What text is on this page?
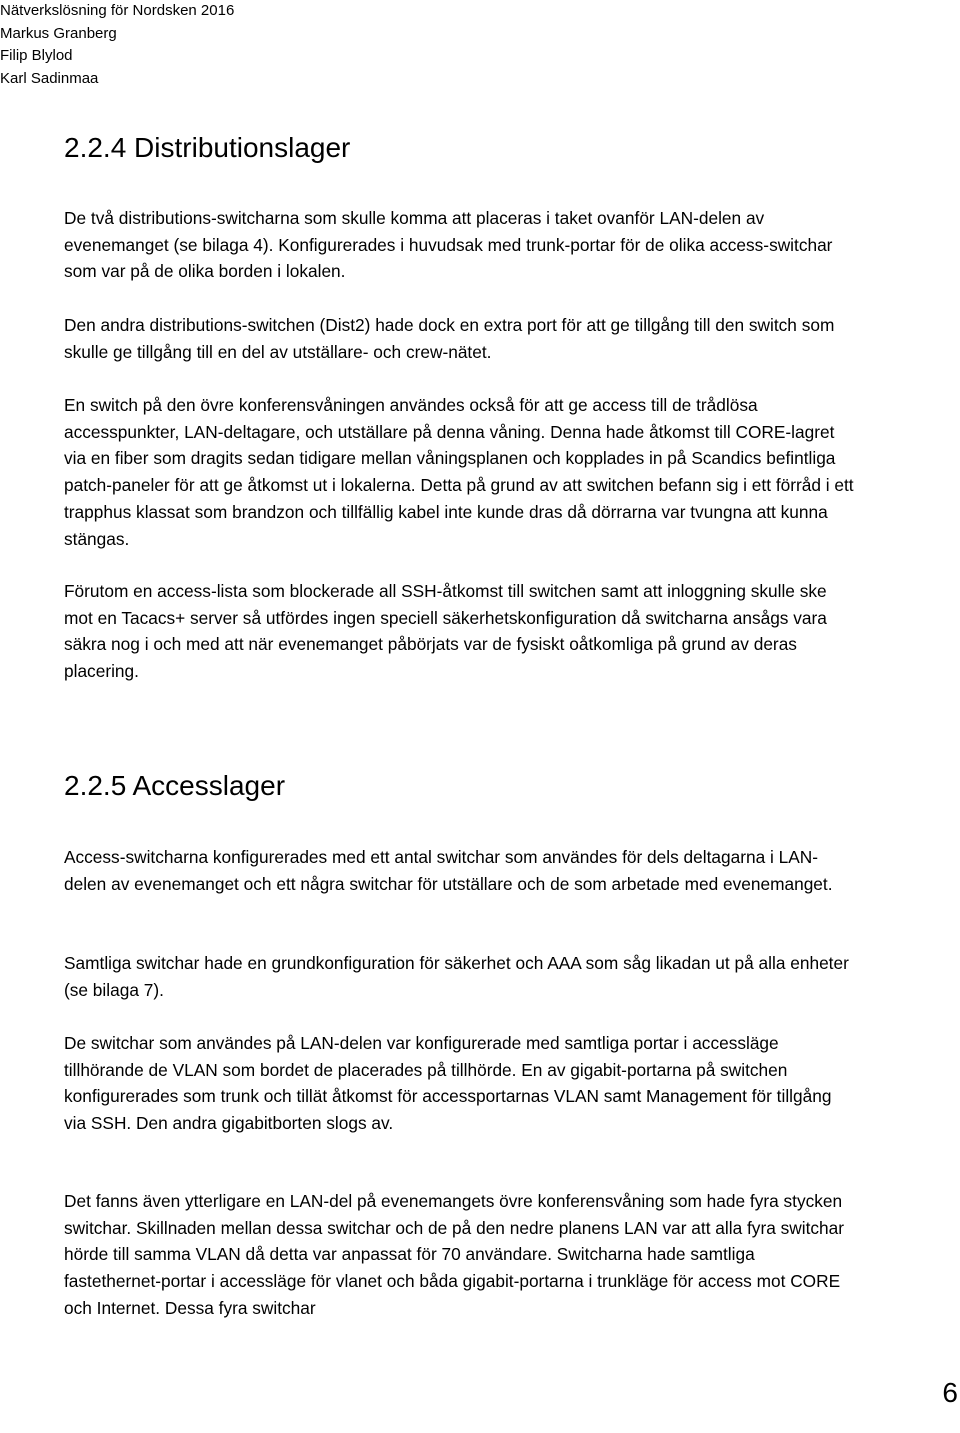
Nätverkslösning för Nordsken 2016
Markus Granberg
Filip Blylod
Karl Sadinmaa
2.2.4 Distributionslager

De två distributions-switcharna som skulle komma att placeras i taket ovanför LAN-delen av evenemanget (se bilaga 4). Konfigurerades i huvudsak med trunk-portar för de olika access-switchar som var på de olika borden i lokalen.

Den andra distributions-switchen (Dist2) hade dock en extra port för att ge tillgång till den switch som skulle ge tillgång till en del av utställare- och crew-nätet.

En switch på den övre konferensvåningen användes också för att ge access till de trådlösa accesspunkter, LAN-deltagare, och utställare på denna våning. Denna hade åtkomst till CORE-lagret via en fiber som dragits sedan tidigare mellan våningsplanen och kopplades in på Scandics befintliga patch-paneler för att ge åtkomst ut i lokalerna. Detta på grund av att switchen befann sig i ett förråd i ett trapphus klassat som brandzon och tillfällig kabel inte kunde dras då dörrarna var tvungna att kunna stängas.

Förutom en access-lista som blockerade all SSH-åtkomst till switchen samt att inloggning skulle ske mot en Tacacs+ server så utfördes ingen speciell säkerhetskonfiguration då switcharna ansågs vara säkra nog i och med att när evenemanget påbörjats var de fysiskt oåtkomliga på grund av deras placering.

2.2.5 Accesslager

Access-switcharna konfigurerades med ett antal switchar som användes för dels deltagarna i LAN-delen av evenemanget och ett några switchar för utställare och de som arbetade med evenemanget.

Samtliga switchar hade en grundkonfiguration för säkerhet och AAA som såg likadan ut på alla enheter (se bilaga 7).

De switchar som användes på LAN-delen var konfigurerade med samtliga portar i accessläge tillhörande de VLAN som bordet de placerades på tillhörde. En av gigabit-portarna på switchen konfigurerades som trunk och tillät åtkomst för accessportarnas VLAN samt Management för tillgång via SSH. Den andra gigabitborten slogs av.

Det fanns även ytterligare en LAN-del på evenemangets övre konferensvåning som hade fyra stycken switchar. Skillnaden mellan dessa switchar och de på den nedre planens LAN var att alla fyra switchar hörde till samma VLAN då detta var anpassat för 70 användare. Switcharna hade samtliga fastethernet-portar i accessläge för vlanet och båda gigabit-portarna i trunkläge för access mot CORE och Internet. Dessa fyra switchar

6
